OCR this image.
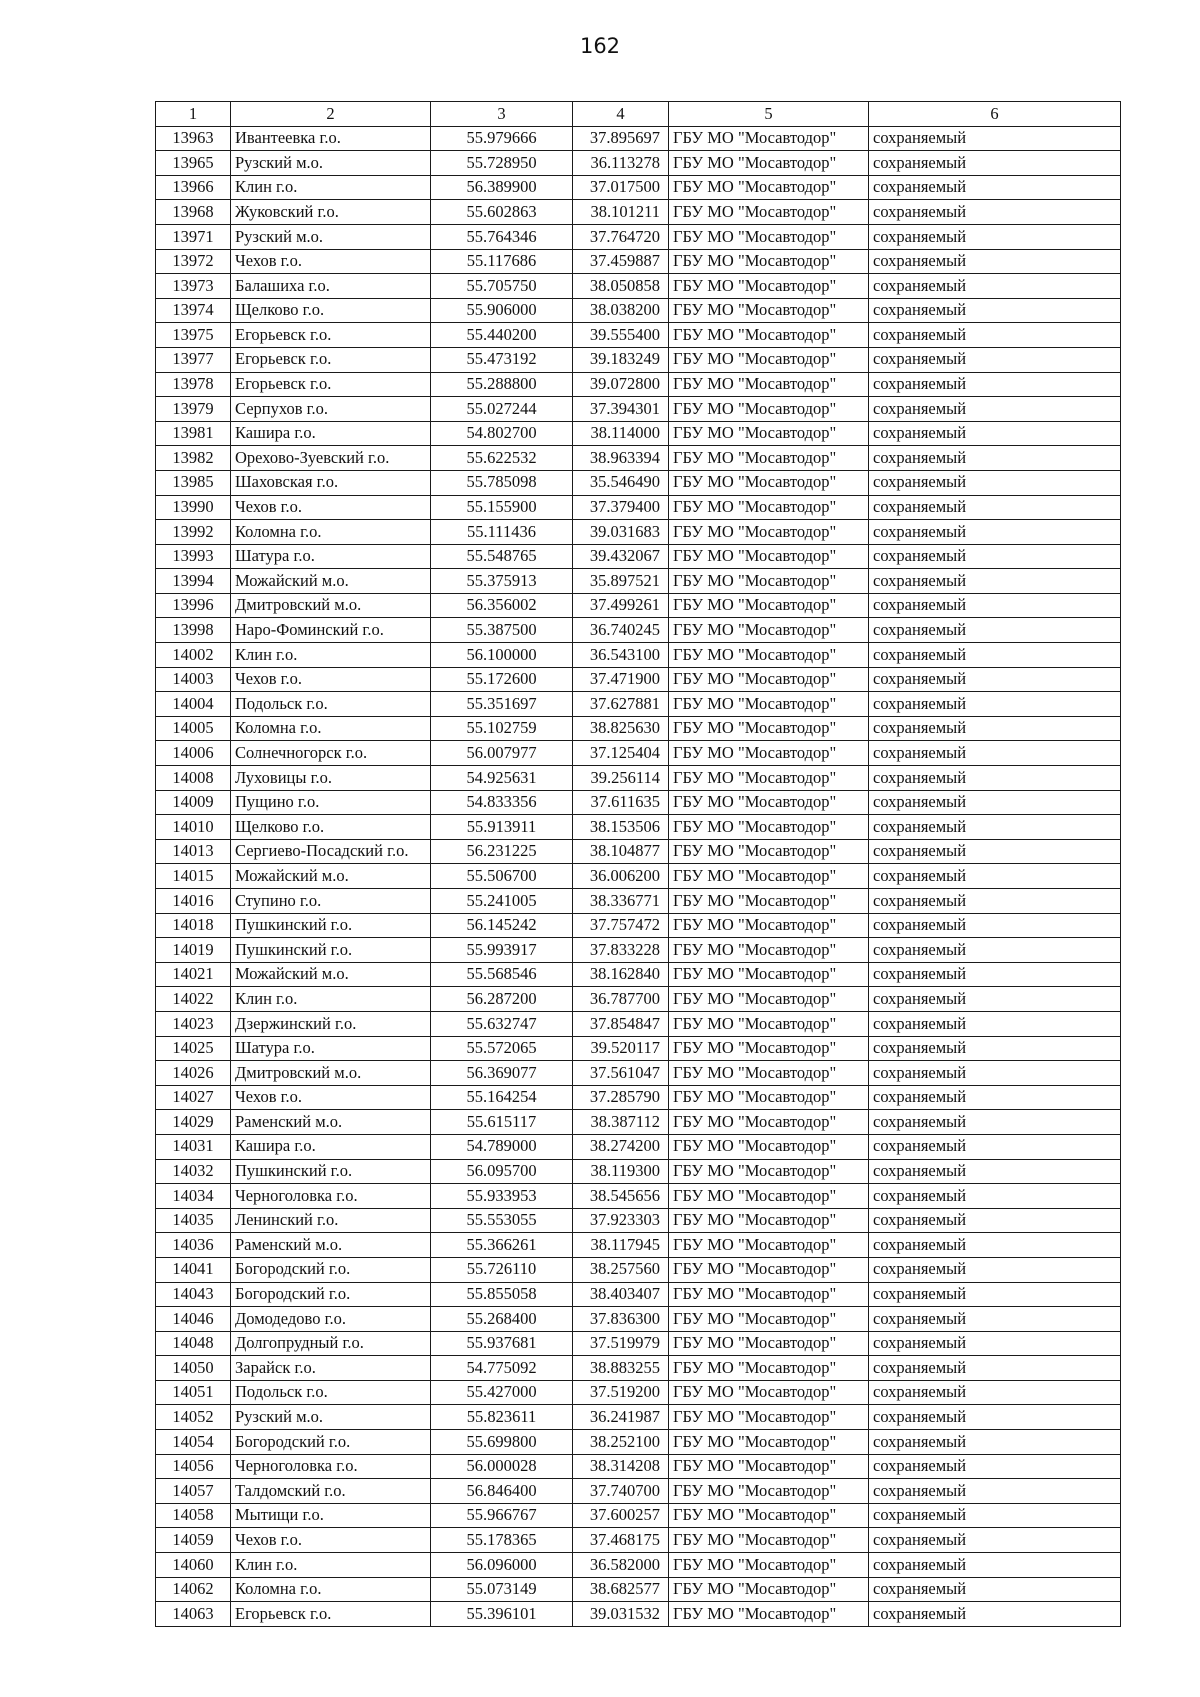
162
1	2	3	4	5	6
13963	Ивантеевка г.о.	55.979666	37.895697	ГБУ МО "Мосавтодор"	сохраняемый
13965	Рузский м.о.	55.728950	36.113278	ГБУ МО "Мосавтодор"	сохраняемый
13966	Клин г.о.	56.389900	37.017500	ГБУ МО "Мосавтодор"	сохраняемый
13968	Жуковский г.о.	55.602863	38.101211	ГБУ МО "Мосавтодор"	сохраняемый
13971	Рузский м.о.	55.764346	37.764720	ГБУ МО "Мосавтодор"	сохраняемый
13972	Чехов г.о.	55.117686	37.459887	ГБУ МО "Мосавтодор"	сохраняемый
13973	Балашиха г.о.	55.705750	38.050858	ГБУ МО "Мосавтодор"	сохраняемый
13974	Щелково г.о.	55.906000	38.038200	ГБУ МО "Мосавтодор"	сохраняемый
13975	Егорьевск г.о.	55.440200	39.555400	ГБУ МО "Мосавтодор"	сохраняемый
13977	Егорьевск г.о.	55.473192	39.183249	ГБУ МО "Мосавтодор"	сохраняемый
13978	Егорьевск г.о.	55.288800	39.072800	ГБУ МО "Мосавтодор"	сохраняемый
13979	Серпухов г.о.	55.027244	37.394301	ГБУ МО "Мосавтодор"	сохраняемый
13981	Кашира г.о.	54.802700	38.114000	ГБУ МО "Мосавтодор"	сохраняемый
13982	Орехово-Зуевский г.о.	55.622532	38.963394	ГБУ МО "Мосавтодор"	сохраняемый
13985	Шаховская г.о.	55.785098	35.546490	ГБУ МО "Мосавтодор"	сохраняемый
13990	Чехов г.о.	55.155900	37.379400	ГБУ МО "Мосавтодор"	сохраняемый
13992	Коломна г.о.	55.111436	39.031683	ГБУ МО "Мосавтодор"	сохраняемый
13993	Шатура г.о.	55.548765	39.432067	ГБУ МО "Мосавтодор"	сохраняемый
13994	Можайский м.о.	55.375913	35.897521	ГБУ МО "Мосавтодор"	сохраняемый
13996	Дмитровский м.о.	56.356002	37.499261	ГБУ МО "Мосавтодор"	сохраняемый
13998	Наро-Фоминский г.о.	55.387500	36.740245	ГБУ МО "Мосавтодор"	сохраняемый
14002	Клин г.о.	56.100000	36.543100	ГБУ МО "Мосавтодор"	сохраняемый
14003	Чехов г.о.	55.172600	37.471900	ГБУ МО "Мосавтодор"	сохраняемый
14004	Подольск г.о.	55.351697	37.627881	ГБУ МО "Мосавтодор"	сохраняемый
14005	Коломна г.о.	55.102759	38.825630	ГБУ МО "Мосавтодор"	сохраняемый
14006	Солнечногорск г.о.	56.007977	37.125404	ГБУ МО "Мосавтодор"	сохраняемый
14008	Луховицы г.о.	54.925631	39.256114	ГБУ МО "Мосавтодор"	сохраняемый
14009	Пущино г.о.	54.833356	37.611635	ГБУ МО "Мосавтодор"	сохраняемый
14010	Щелково г.о.	55.913911	38.153506	ГБУ МО "Мосавтодор"	сохраняемый
14013	Сергиево-Посадский г.о.	56.231225	38.104877	ГБУ МО "Мосавтодор"	сохраняемый
14015	Можайский м.о.	55.506700	36.006200	ГБУ МО "Мосавтодор"	сохраняемый
14016	Ступино г.о.	55.241005	38.336771	ГБУ МО "Мосавтодор"	сохраняемый
14018	Пушкинский г.о.	56.145242	37.757472	ГБУ МО "Мосавтодор"	сохраняемый
14019	Пушкинский г.о.	55.993917	37.833228	ГБУ МО "Мосавтодор"	сохраняемый
14021	Можайский м.о.	55.568546	38.162840	ГБУ МО "Мосавтодор"	сохраняемый
14022	Клин г.о.	56.287200	36.787700	ГБУ МО "Мосавтодор"	сохраняемый
14023	Дзержинский г.о.	55.632747	37.854847	ГБУ МО "Мосавтодор"	сохраняемый
14025	Шатура г.о.	55.572065	39.520117	ГБУ МО "Мосавтодор"	сохраняемый
14026	Дмитровский м.о.	56.369077	37.561047	ГБУ МО "Мосавтодор"	сохраняемый
14027	Чехов г.о.	55.164254	37.285790	ГБУ МО "Мосавтодор"	сохраняемый
14029	Раменский м.о.	55.615117	38.387112	ГБУ МО "Мосавтодор"	сохраняемый
14031	Кашира г.о.	54.789000	38.274200	ГБУ МО "Мосавтодор"	сохраняемый
14032	Пушкинский г.о.	56.095700	38.119300	ГБУ МО "Мосавтодор"	сохраняемый
14034	Черноголовка г.о.	55.933953	38.545656	ГБУ МО "Мосавтодор"	сохраняемый
14035	Ленинский г.о.	55.553055	37.923303	ГБУ МО "Мосавтодор"	сохраняемый
14036	Раменский м.о.	55.366261	38.117945	ГБУ МО "Мосавтодор"	сохраняемый
14041	Богородский г.о.	55.726110	38.257560	ГБУ МО "Мосавтодор"	сохраняемый
14043	Богородский г.о.	55.855058	38.403407	ГБУ МО "Мосавтодор"	сохраняемый
14046	Домодедово г.о.	55.268400	37.836300	ГБУ МО "Мосавтодор"	сохраняемый
14048	Долгопрудный г.о.	55.937681	37.519979	ГБУ МО "Мосавтодор"	сохраняемый
14050	Зарайск г.о.	54.775092	38.883255	ГБУ МО "Мосавтодор"	сохраняемый
14051	Подольск г.о.	55.427000	37.519200	ГБУ МО "Мосавтодор"	сохраняемый
14052	Рузский м.о.	55.823611	36.241987	ГБУ МО "Мосавтодор"	сохраняемый
14054	Богородский г.о.	55.699800	38.252100	ГБУ МО "Мосавтодор"	сохраняемый
14056	Черноголовка г.о.	56.000028	38.314208	ГБУ МО "Мосавтодор"	сохраняемый
14057	Талдомский г.о.	56.846400	37.740700	ГБУ МО "Мосавтодор"	сохраняемый
14058	Мытищи г.о.	55.966767	37.600257	ГБУ МО "Мосавтодор"	сохраняемый
14059	Чехов г.о.	55.178365	37.468175	ГБУ МО "Мосавтодор"	сохраняемый
14060	Клин г.о.	56.096000	36.582000	ГБУ МО "Мосавтодор"	сохраняемый
14062	Коломна г.о.	55.073149	38.682577	ГБУ МО "Мосавтодор"	сохраняемый
14063	Егорьевск г.о.	55.396101	39.031532	ГБУ МО "Мосавтодор"	сохраняемый
